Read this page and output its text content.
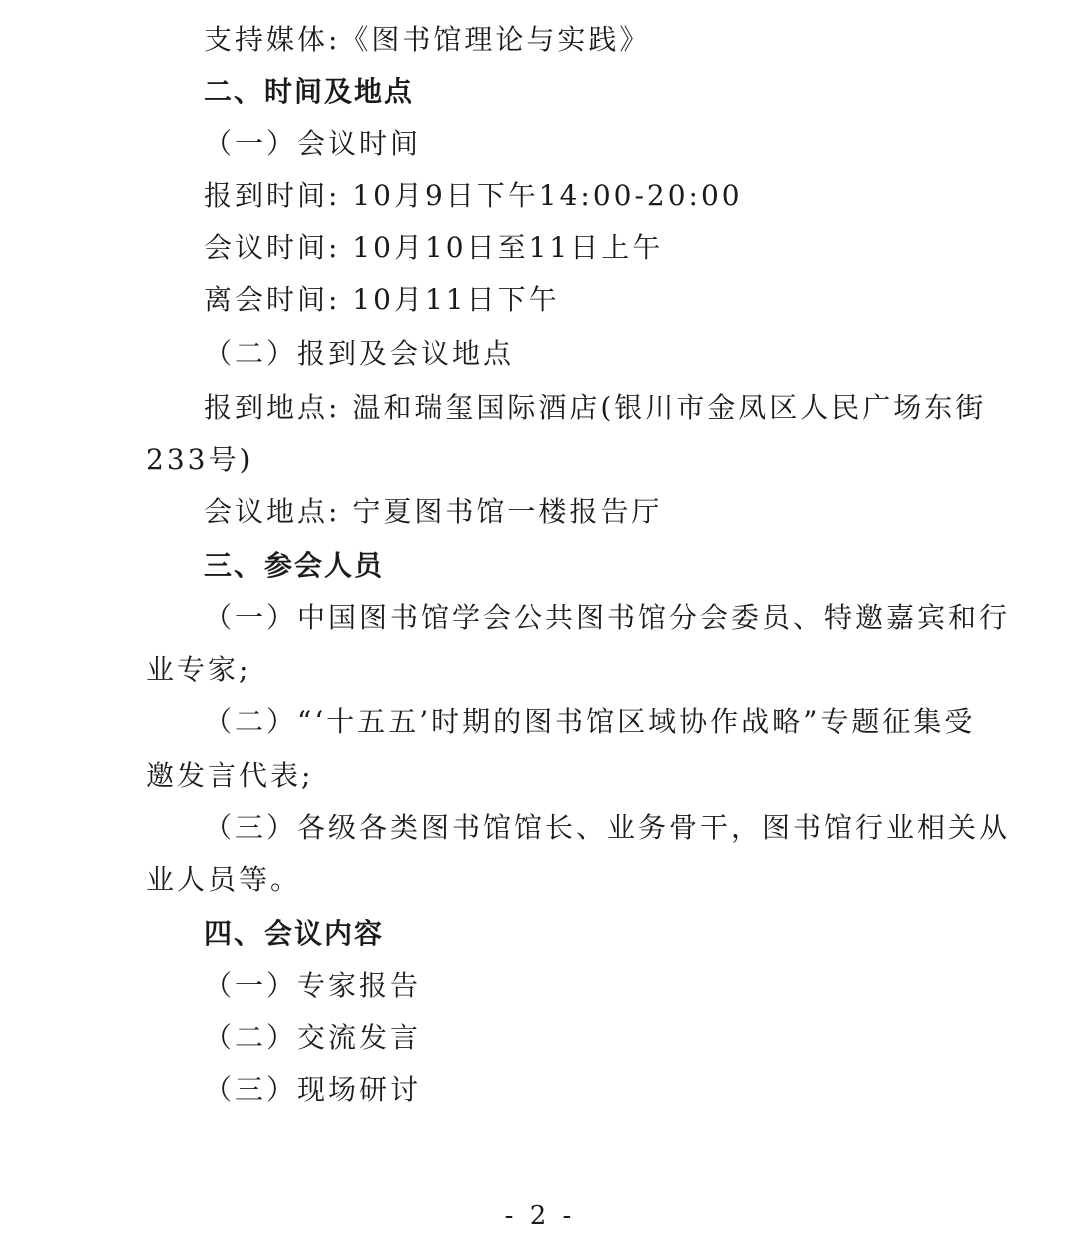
支持媒体:《图书馆理论与实践》
二、时间及地点
（一）会议时间
报到时间: 10月9日下午14:00-20:00
会议时间: 10月10日至11日上午
离会时间: 10月11日下午
（二）报到及会议地点
报到地点: 温和瑞玺国际酒店(银川市金凤区人民广场东街
233号)
会议地点: 宁夏图书馆一楼报告厅
三、参会人员
（一）中国图书馆学会公共图书馆分会委员、特邀嘉宾和行
业专家;
（二）“‘十五五’时期的图书馆区域协作战略”专题征集受
邀发言代表;
（三）各级各类图书馆馆长、业务骨干，图书馆行业相关从
业人员等。
四、会议内容
（一）专家报告
（二）交流发言
（三）现场研讨
- 2 -
